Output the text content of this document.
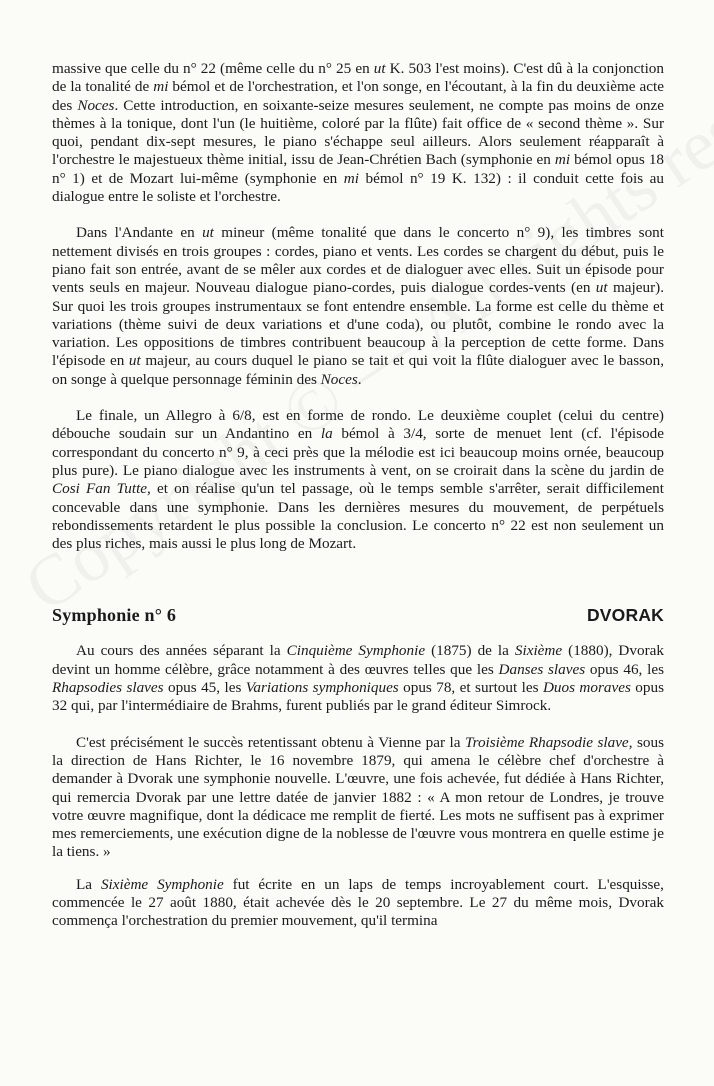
massive que celle du n° 22 (même celle du n° 25 en ut K. 503 l'est moins). C'est dû à la conjonction de la tonalité de mi bémol et de l'orchestration, et l'on songe, en l'écoutant, à la fin du deuxième acte des Noces. Cette introduction, en soixante-seize mesures seulement, ne compte pas moins de onze thèmes à la tonique, dont l'un (le huitième, coloré par la flûte) fait office de « second thème ». Sur quoi, pendant dix-sept mesures, le piano s'échappe seul ailleurs. Alors seulement réapparaît à l'orchestre le majestueux thème initial, issu de Jean-Chrétien Bach (symphonie en mi bémol opus 18 n° 1) et de Mozart lui-même (symphonie en mi bémol n° 19 K. 132) : il conduit cette fois au dialogue entre le soliste et l'orchestre.

Dans l'Andante en ut mineur (même tonalité que dans le concerto n° 9), les timbres sont nettement divisés en trois groupes : cordes, piano et vents. Les cordes se chargent du début, puis le piano fait son entrée, avant de se mêler aux cordes et de dialoguer avec elles. Suit un épisode pour vents seuls en majeur. Nouveau dialogue piano-cordes, puis dialogue cordes-vents (en ut majeur). Sur quoi les trois groupes instrumentaux se font entendre ensemble. La forme est celle du thème et variations (thème suivi de deux variations et d'une coda), ou plutôt, combine le rondo avec la variation. Les oppositions de timbres contribuent beaucoup à la perception de cette forme. Dans l'épisode en ut majeur, au cours duquel le piano se tait et qui voit la flûte dialoguer avec le basson, on songe à quelque personnage féminin des Noces.

Le finale, un Allegro à 6/8, est en forme de rondo. Le deuxième couplet (celui du centre) débouche soudain sur un Andantino en la bémol à 3/4, sorte de menuet lent (cf. l'épisode correspondant du concerto n° 9, à ceci près que la mélodie est ici beaucoup moins ornée, beaucoup plus pure). Le piano dialogue avec les instruments à vent, on se croirait dans la scène du jardin de Cosi Fan Tutte, et on réalise qu'un tel passage, où le temps semble s'arrêter, serait difficilement concevable dans une symphonie. Dans les dernières mesures du mouvement, de perpétuels rebondissements retardent le plus possible la conclusion. Le concerto n° 22 est non seulement un des plus riches, mais aussi le plus long de Mozart.

Symphonie n° 6	DVORAK

Au cours des années séparant la Cinquième Symphonie (1875) de la Sixième (1880), Dvorak devint un homme célèbre, grâce notamment à des œuvres telles que les Danses slaves opus 46, les Rhapsodies slaves opus 45, les Variations symphoniques opus 78, et surtout les Duos moraves opus 32 qui, par l'intermédiaire de Brahms, furent publiés par le grand éditeur Simrock.

C'est précisément le succès retentissant obtenu à Vienne par la Troisième Rhapsodie slave, sous la direction de Hans Richter, le 16 novembre 1879, qui amena le célèbre chef d'orchestre à demander à Dvorak une symphonie nouvelle. L'œuvre, une fois achevée, fut dédiée à Hans Richter, qui remercia Dvorak par une lettre datée de janvier 1882 : « A mon retour de Londres, je trouve votre œuvre magnifique, dont la dédicace me remplit de fierté. Les mots ne suffisent pas à exprimer mes remerciements, une exécution digne de la noblesse de l'œuvre vous montrera en quelle estime je la tiens. »

La Sixième Symphonie fut écrite en un laps de temps incroyablement court. L'esquisse, commencée le 27 août 1880, était achevée dès le 20 septembre. Le 27 du même mois, Dvorak commença l'orchestration du premier mouvement, qu'il termina
